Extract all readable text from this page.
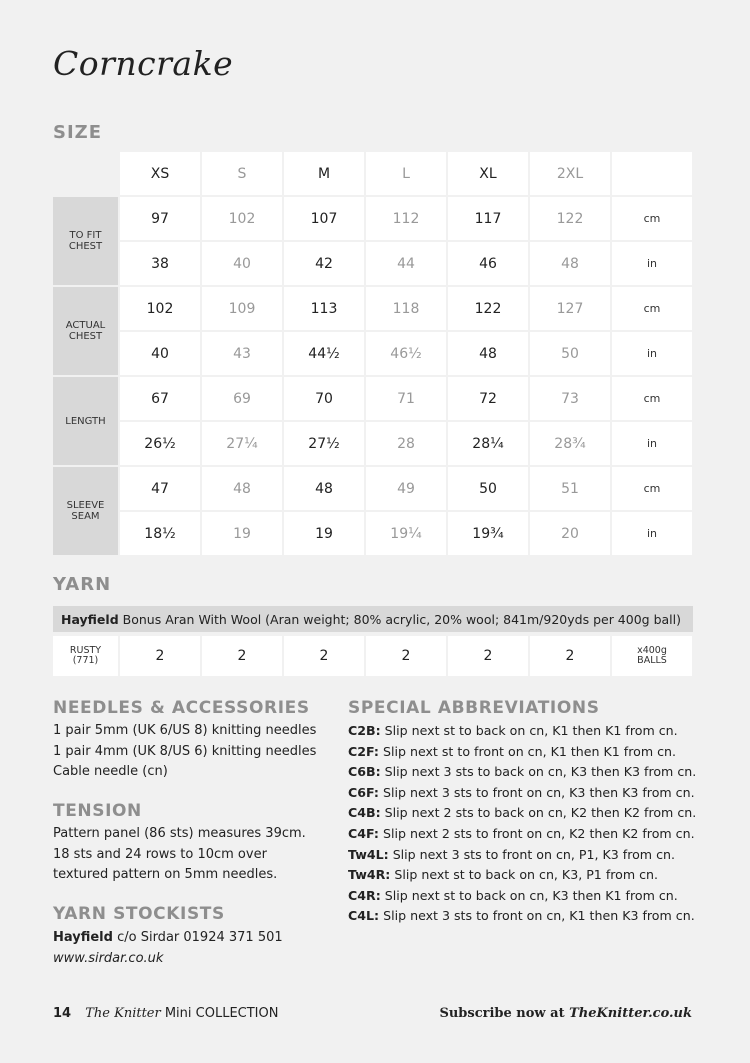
Corncrake
SIZE
XS	S	M	L	XL	2XL
TO FIT CHEST
97	102	107	112	117	122	cm
38	40	42	44	46	48	in
ACTUAL CHEST
102	109	113	118	122	127	cm
40	43	44½	46½	48	50	in
LENGTH
67	69	70	71	72	73	cm
26½	27¼	27½	28	28¼	28¾	in
SLEEVE SEAM
47	48	48	49	50	51	cm
18½	19	19	19¼	19¾	20	in
YARN
Hayfield Bonus Aran With Wool (Aran weight; 80% acrylic, 20% wool; 841m/920yds per 400g ball)
RUSTY
(771)	2	2	2	2	2	2	x400g
BALLS
NEEDLES & ACCESSORIES
1 pair 5mm (UK 6/US 8) knitting needles
1 pair 4mm (UK 8/US 6) knitting needles
Cable needle (cn)
TENSION
Pattern panel (86 sts) measures 39cm.
18 sts and 24 rows to 10cm over
textured pattern on 5mm needles.
YARN STOCKISTS
Hayfield c/o Sirdar 01924 371 501
www.sirdar.co.uk
SPECIAL ABBREVIATIONS
C2B: Slip next st to back on cn, K1 then K1 from cn.
C2F: Slip next st to front on cn, K1 then K1 from cn.
C6B: Slip next 3 sts to back on cn, K3 then K3 from cn.
C6F: Slip next 3 sts to front on cn, K3 then K3 from cn.
C4B: Slip next 2 sts to back on cn, K2 then K2 from cn.
C4F: Slip next 2 sts to front on cn, K2 then K2 from cn.
Tw4L: Slip next 3 sts to front on cn, P1, K3 from cn.
Tw4R: Slip next st to back on cn, K3, P1 from cn.
C4R: Slip next st to back on cn, K3 then K1 from cn.
C4L: Slip next 3 sts to front on cn, K1 then K3 from cn.
14 The Knitter Mini COLLECTION	Subscribe now at TheKnitter.co.uk
